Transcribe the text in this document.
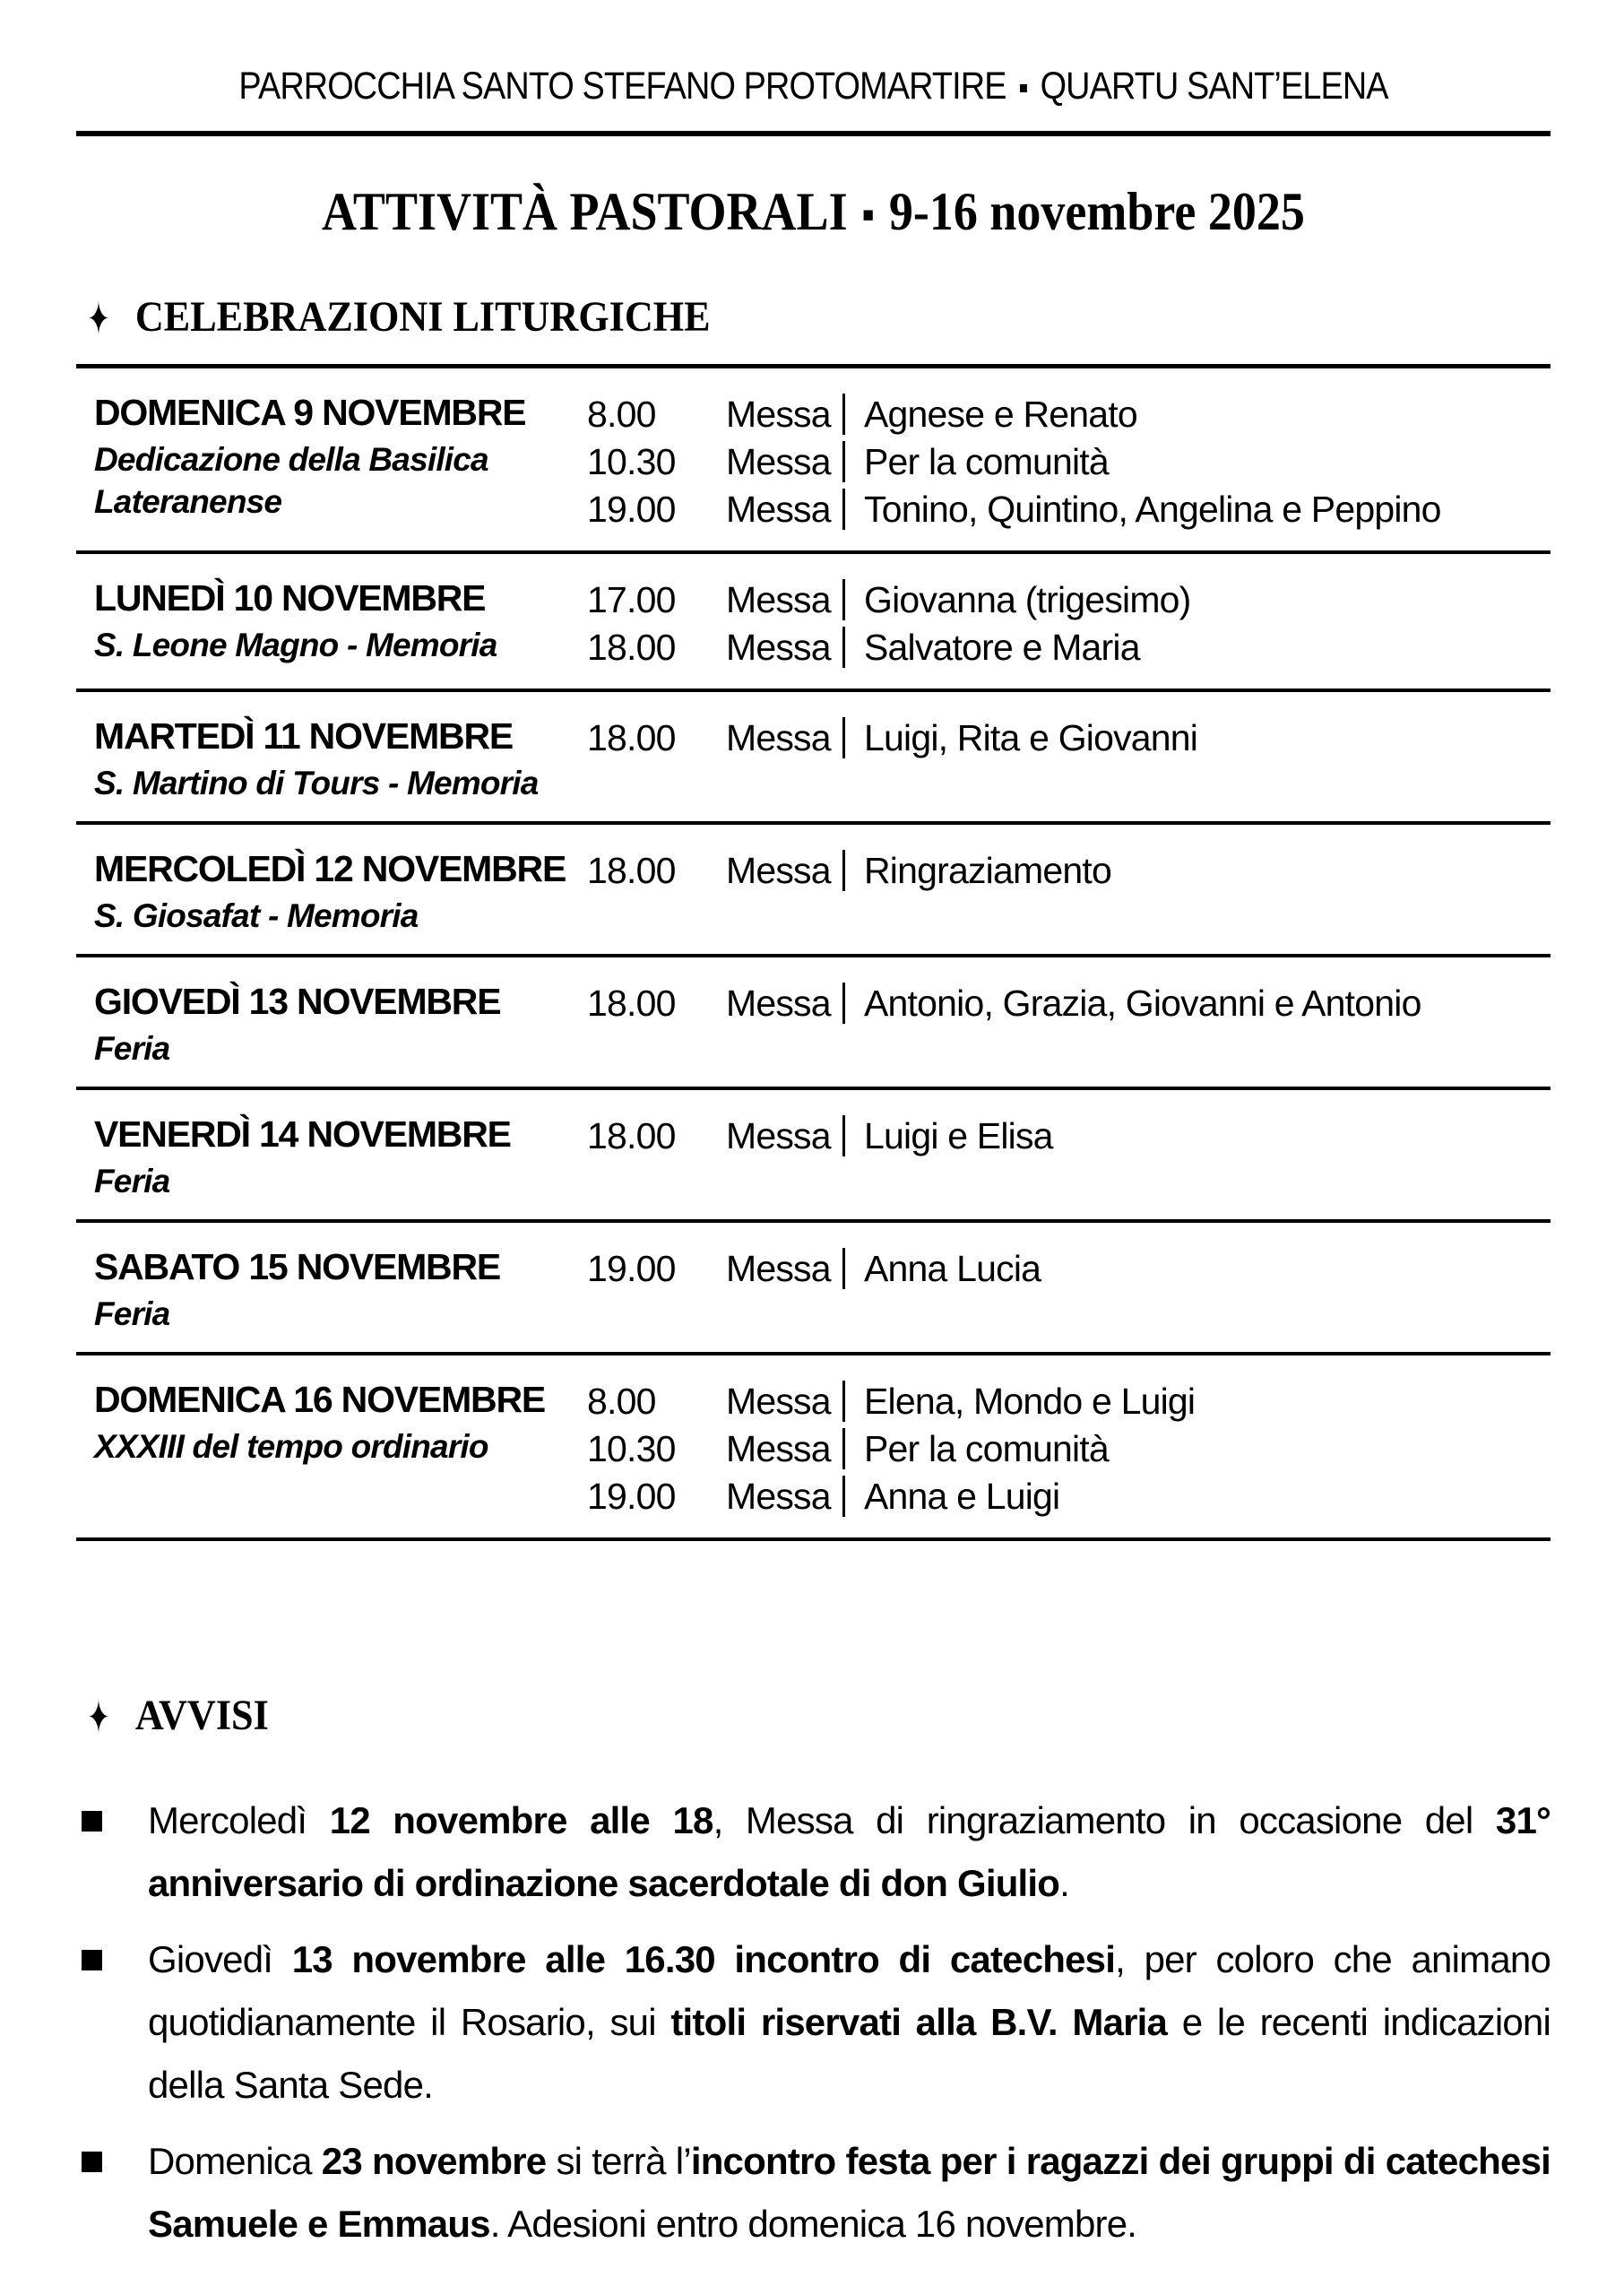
PARROCCHIA SANTO STEFANO PROTOMARTIRE ▪ QUARTU SANT’ELENA
ATTIVITÀ PASTORALI ▪ 9-16 novembre 2025
✦ CELEBRAZIONI LITURGICHE
DOMENICA 9 NOVEMBRE
Dedicazione della Basilica Lateranense
8.00	Messa Agnese e Renato
10.30	Messa Per la comunità
19.00	Messa Tonino, Quintino, Angelina e Peppino
LUNEDÌ 10 NOVEMBRE
S. Leone Magno - Memoria
17.00	Messa Giovanna (trigesimo)
18.00	Messa Salvatore e Maria
MARTEDÌ 11 NOVEMBRE
S. Martino di Tours - Memoria
18.00	Messa Luigi, Rita e Giovanni
MERCOLEDÌ 12 NOVEMBRE
S. Giosafat - Memoria
18.00	Messa Ringraziamento
GIOVEDÌ 13 NOVEMBRE
Feria
18.00	Messa Antonio, Grazia, Giovanni e Antonio
VENERDÌ 14 NOVEMBRE
Feria
18.00	Messa Luigi e Elisa
SABATO 15 NOVEMBRE
Feria
19.00	Messa Anna Lucia
DOMENICA 16 NOVEMBRE
XXXIII del tempo ordinario
8.00	Messa Elena, Mondo e Luigi
10.30	Messa Per la comunità
19.00	Messa Anna e Luigi
✦ AVVISI
Mercoledì 12 novembre alle 18, Messa di ringraziamento in occasione del 31° anniversario di ordinazione sacerdotale di don Giulio.
Giovedì 13 novembre alle 16.30 incontro di catechesi, per coloro che animano quotidianamente il Rosario, sui titoli riservati alla B.V. Maria e le recenti indicazioni della Santa Sede.
Domenica 23 novembre si terrà l’incontro festa per i ragazzi dei gruppi di catechesi Samuele e Emmaus. Adesioni entro domenica 16 novembre.
